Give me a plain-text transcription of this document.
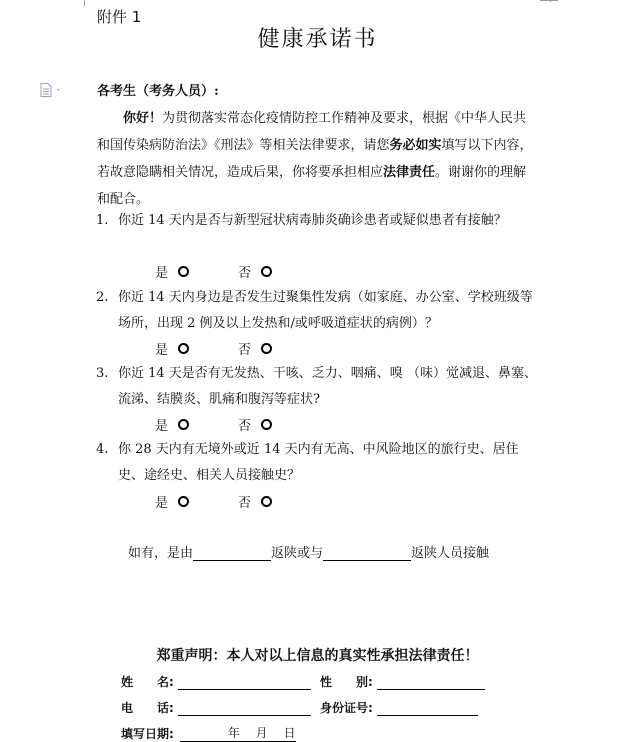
附件 1
健康承诺书
各考生（考务人员）:
你好！为贯彻落实常态化疫情防控工作精神及要求，根据《中华人民共和国传染病防治法》《刑法》等相关法律要求，请您务必如实填写以下内容，若故意隐瞒相关情况，造成后果，你将要承担相应法律责任。谢谢你的理解和配合。
1. 你近 14 天内是否与新型冠状病毒肺炎确诊患者或疑似患者有接触？
是	否
2. 你近 14 天内身边是否发生过聚集性发病（如家庭、办公室、学校班级等场所，出现 2 例及以上发热和/或呼吸道症状的病例）？
是	否
3. 你近 14 天是否有无发热、干咳、乏力、咽痛、嗅 （味）觉减退、鼻塞、流涕、结膜炎、肌痛和腹泻等症状?
是	否
4. 你 28 天内有无境外或近 14 天内有无高、中风险地区的旅行史、居住史、途经史、相关人员接触史？
是	否
如有，是由	返陕或与	返陕人员接触
郑重声明：本人对以上信息的真实性承担法律责任！
姓　　名:	性　　别:
电　　话:	身份证号:
填写日期:	年 月 日
